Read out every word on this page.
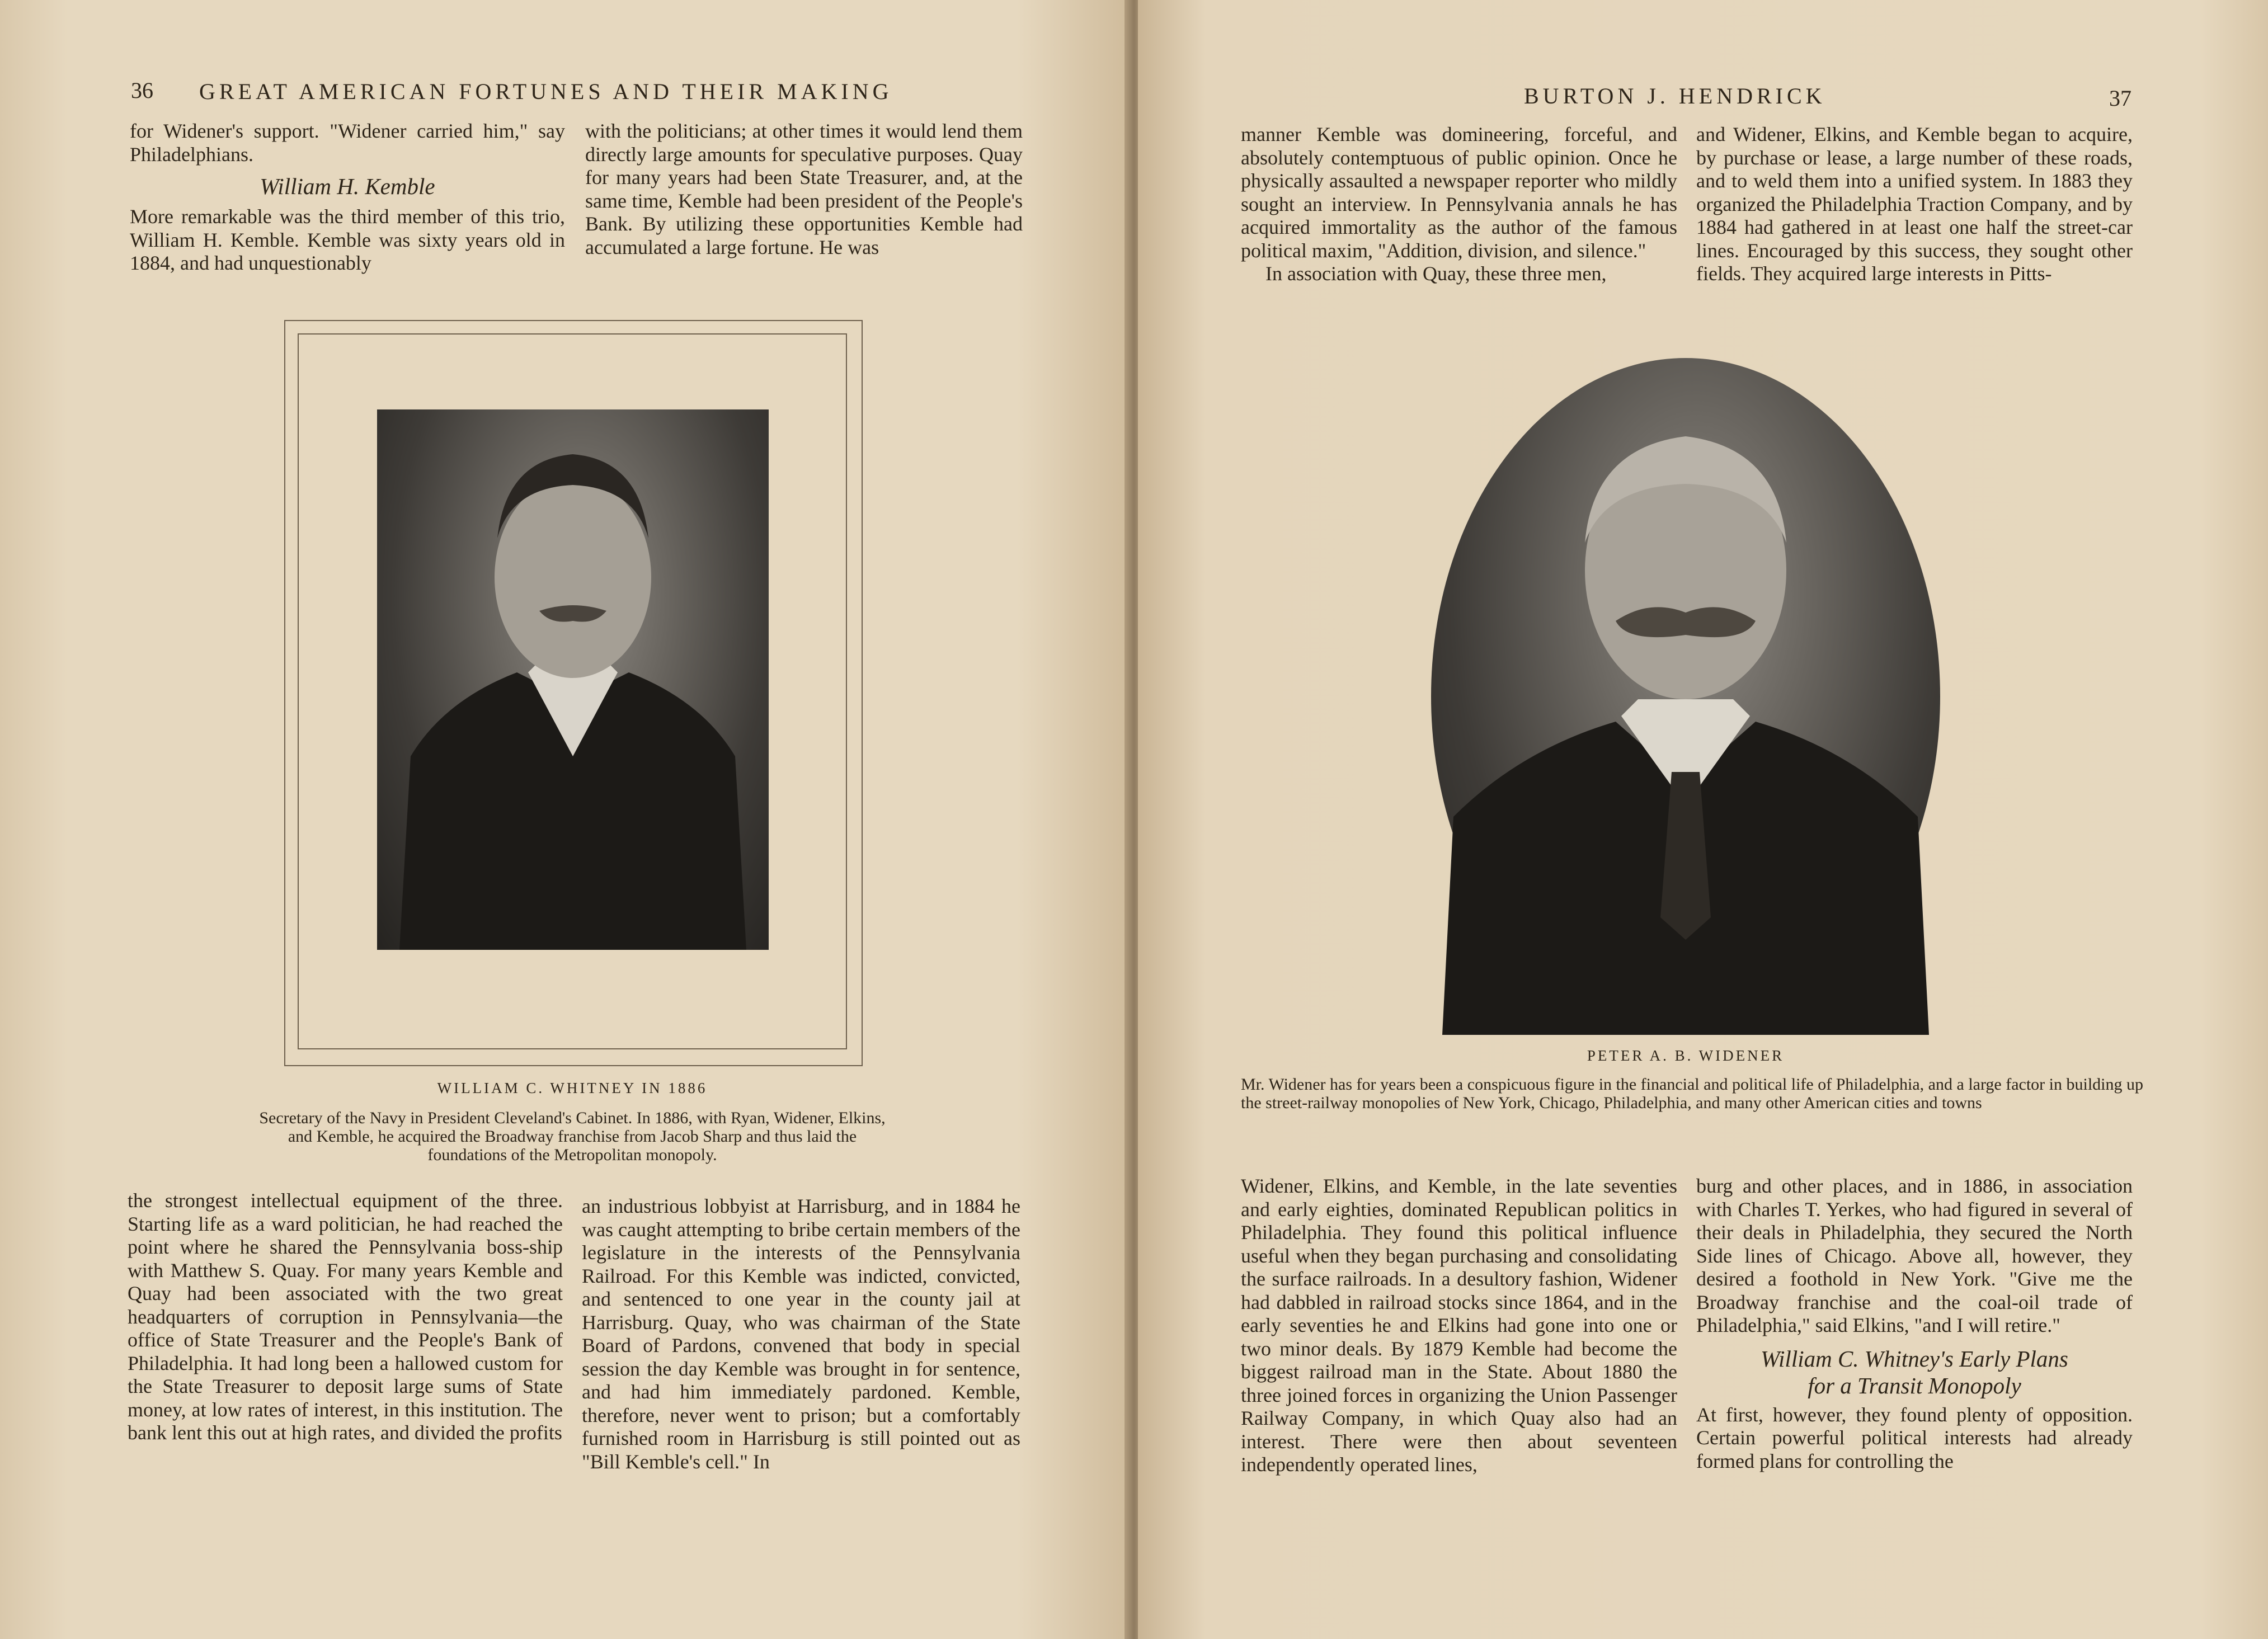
36 GREAT AMERICAN FORTUNES AND THEIR MAKING

for Widener's support. "Widener carried him," say Philadelphians.

William H. Kemble

More remarkable was the third member of this trio, William H. Kemble. Kemble was sixty years old in 1884, and had unquestionably

with the politicians; at other times it would lend them directly large amounts for speculative purposes. Quay for many years had been State Treasurer, and, at the same time, Kemble had been president of the People's Bank. By utilizing these opportunities Kemble had accumulated a large fortune. He was

WILLIAM C. WHITNEY IN 1886
Secretary of the Navy in President Cleveland's Cabinet. In 1886, with Ryan, Widener, Elkins, and Kemble, he acquired the Broadway franchise from Jacob Sharp and thus laid the foundations of the Metropolitan monopoly.

the strongest intellectual equipment of the three. Starting life as a ward politician, he had reached the point where he shared the Pennsylvania boss-ship with Matthew S. Quay. For many years Kemble and Quay had been associated with the two great headquarters of corruption in Pennsylvania—the office of State Treasurer and the People's Bank of Philadelphia. It had long been a hallowed custom for the State Treasurer to deposit large sums of State money, at low rates of interest, in this institution. The bank lent this out at high rates, and divided the profits

an industrious lobbyist at Harrisburg, and in 1884 he was caught attempting to bribe certain members of the legislature in the interests of the Pennsylvania Railroad. For this Kemble was indicted, convicted, and sentenced to one year in the county jail at Harrisburg. Quay, who was chairman of the State Board of Pardons, convened that body in special session the day Kemble was brought in for sentence, and had him immediately pardoned. Kemble, therefore, never went to prison; but a comfortably furnished room in Harrisburg is still pointed out as "Bill Kemble's cell." In

BURTON J. HENDRICK	37

manner Kemble was domineering, forceful, and absolutely contemptuous of public opinion. Once he physically assaulted a newspaper reporter who mildly sought an interview. In Pennsylvania annals he has acquired immortality as the author of the famous political maxim, "Addition, division, and silence."

In association with Quay, these three men,

and Widener, Elkins, and Kemble began to acquire, by purchase or lease, a large number of these roads, and to weld them into a unified system. In 1883 they organized the Philadelphia Traction Company, and by 1884 had gathered in at least one half the street-car lines. Encouraged by this success, they sought other fields. They acquired large interests in Pitts-

PETER A. B. WIDENER
Mr. Widener has for years been a conspicuous figure in the financial and political life of Philadelphia, and a large factor in building up the street-railway monopolies of New York, Chicago, Philadelphia, and many other American cities and towns

Widener, Elkins, and Kemble, in the late seventies and early eighties, dominated Republican politics in Philadelphia. They found this political influence useful when they began purchasing and consolidating the surface railroads. In a desultory fashion, Widener had dabbled in railroad stocks since 1864, and in the early seventies he and Elkins had gone into one or two minor deals. By 1879 Kemble had become the biggest railroad man in the State. About 1880 the three joined forces in organizing the Union Passenger Railway Company, in which Quay also had an interest. There were then about seventeen independently operated lines,

burg and other places, and in 1886, in association with Charles T. Yerkes, who had figured in several of their deals in Philadelphia, they secured the North Side lines of Chicago. Above all, however, they desired a foothold in New York. "Give me the Broadway franchise and the coal-oil trade of Philadelphia," said Elkins, "and I will retire."

William C. Whitney's Early Plans
for a Transit Monopoly

At first, however, they found plenty of opposition. Certain powerful political interests had already formed plans for controlling the
